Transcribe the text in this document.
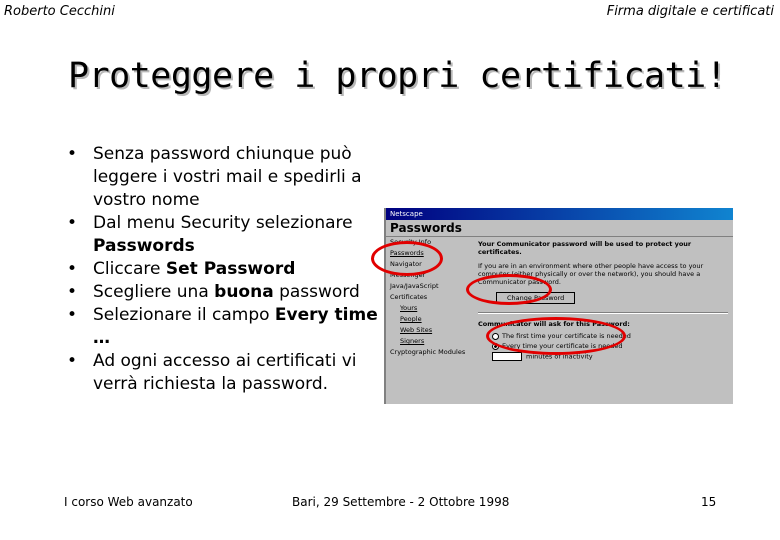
Roberto Cecchini	Firma digitale e certificati
Proteggere i propri certificati!
• Senza password chiunque può leggere i vostri mail e spedirli a vostro nome
• Dal menu Security selezionare Passwords
• Cliccare Set Password
• Scegliere una buona password
• Selezionare il campo Every time …
• Ad ogni accesso ai certificati vi verrà richiesta la password.
Netscape
Passwords
Security Info
Passwords
Navigator
Messenger
Java/JavaScript
Certificates
Yours
People
Web Sites
Signers
Cryptographic Modules
Your Communicator password will be used to protect your certificates.
If you are in an environment where other people have access to your computer (either physically or over the network), you should have a Communicator password.
Change Password
Communicator will ask for this Password:
The first time your certificate is needed
Every time your certificate is needed
minutes of inactivity
I corso Web avanzato	Bari, 29 Settembre - 2 Ottobre 1998	15
